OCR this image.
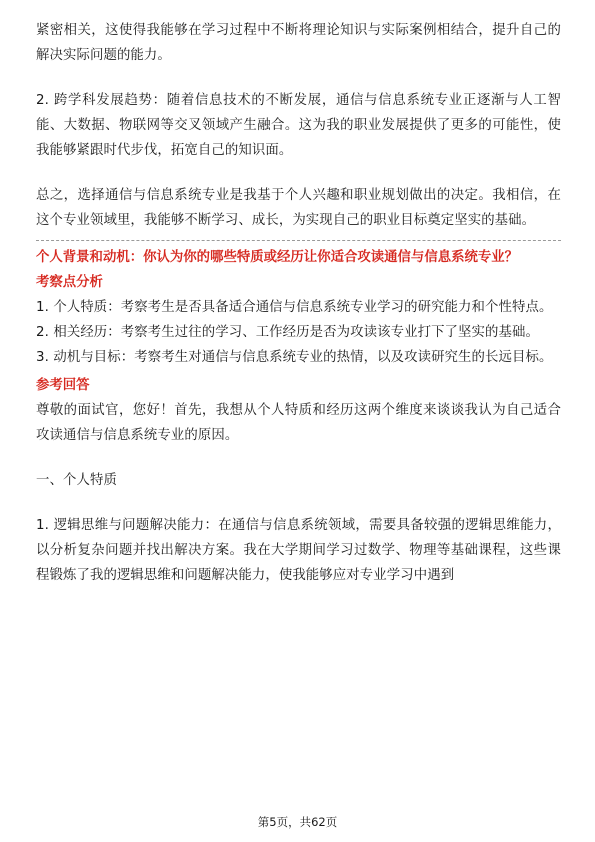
紧密相关，这使得我能够在学习过程中不断将理论知识与实际案例相结合，提升自己的解决实际问题的能力。

2. 跨学科发展趋势：随着信息技术的不断发展，通信与信息系统专业正逐渐与人工智能、大数据、物联网等交叉领域产生融合。这为我的职业发展提供了更多的可能性，使我能够紧跟时代步伐，拓宽自己的知识面。

总之，选择通信与信息系统专业是我基于个人兴趣和职业规划做出的决定。我相信，在这个专业领域里，我能够不断学习、成长，为实现自己的职业目标奠定坚实的基础。

个人背景和动机：你认为你的哪些特质或经历让你适合攻读通信与信息系统专业？
考察点分析

1. 个人特质：考察考生是否具备适合通信与信息系统专业学习的研究能力和个性特点。

2. 相关经历：考察考生过往的学习、工作经历是否为攻读该专业打下了坚实的基础。

3. 动机与目标：考察考生对通信与信息系统专业的热情，以及攻读研究生的长远目标。

参考回答

尊敬的面试官，您好！首先，我想从个人特质和经历这两个维度来谈谈我认为自己适合攻读通信与信息系统专业的原因。

一、个人特质

1. 逻辑思维与问题解决能力：在通信与信息系统领域，需要具备较强的逻辑思维能力，以分析复杂问题并找出解决方案。我在大学期间学习过数学、物理等基础课程，这些课程锻炼了我的逻辑思维和问题解决能力，使我能够应对专业学习中遇到

第5页，共62页
